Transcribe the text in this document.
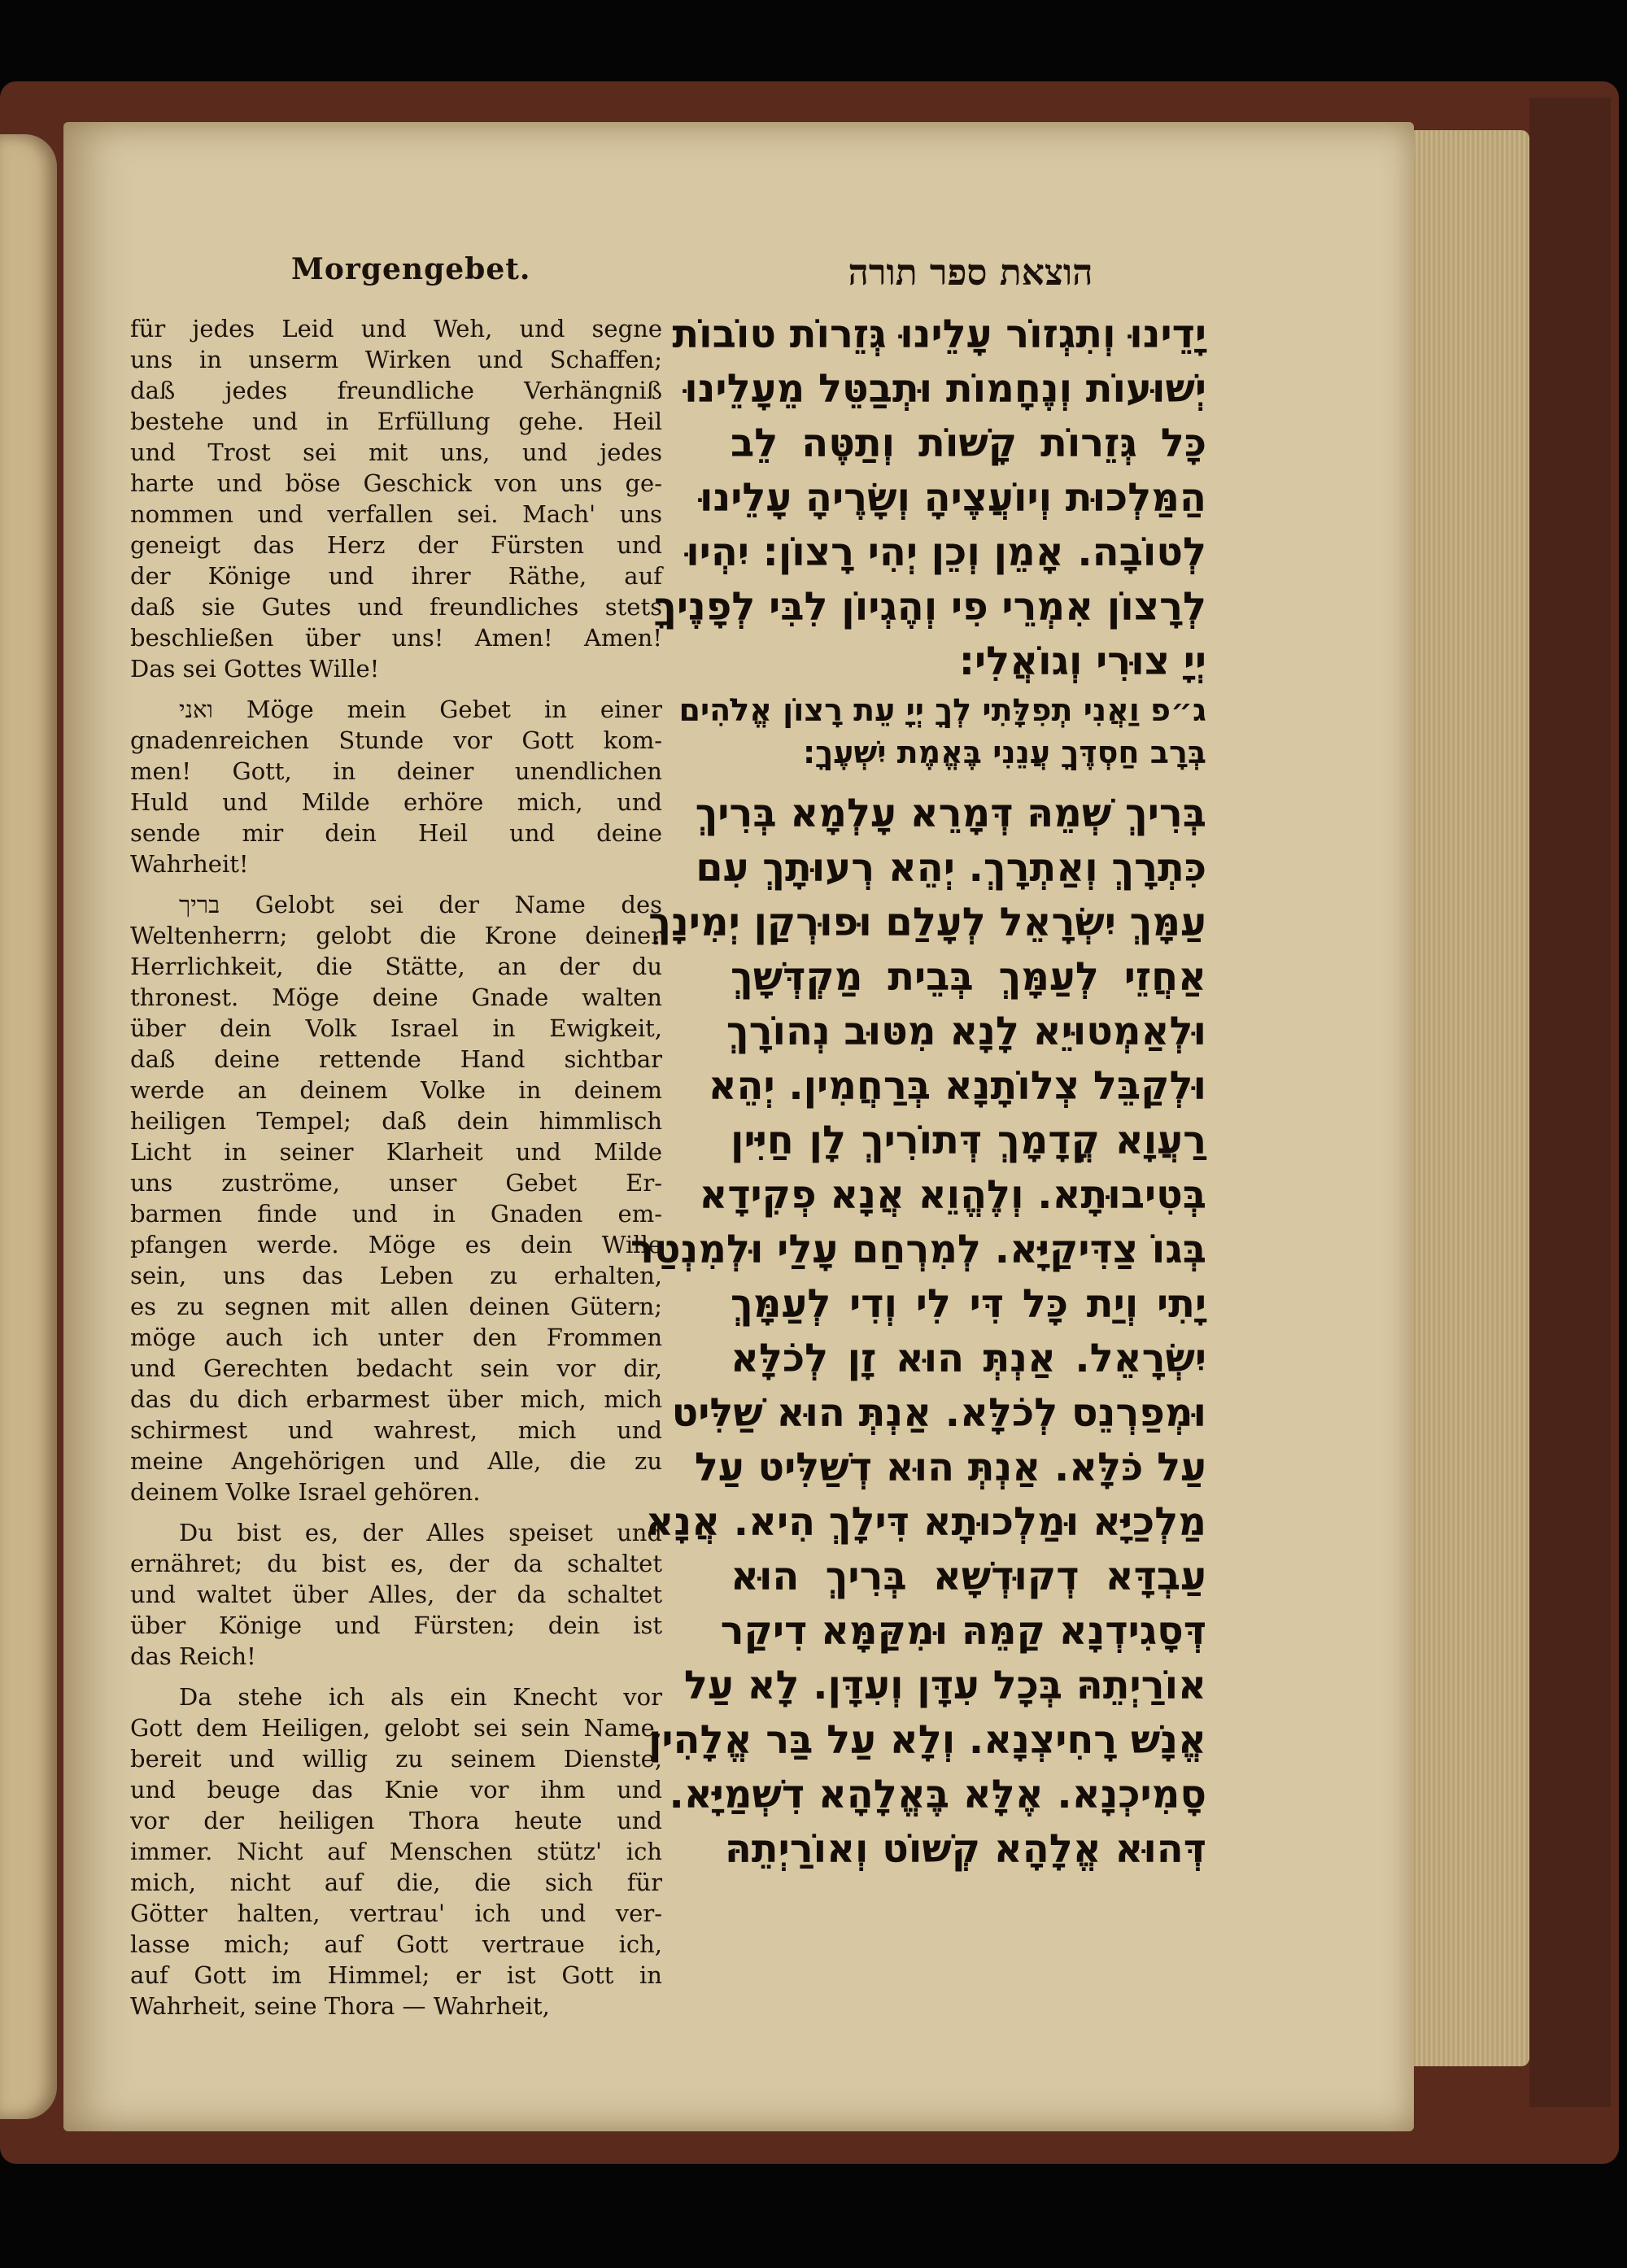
Morgengebet.	הוצאת ספר תורה
für jedes Leid und Weh, und segne
uns in unserm Wirken und Schaffen;
daß jedes freundliche Verhängniß
bestehe und in Erfüllung gehe. Heil
und Trost sei mit uns, und jedes
harte und böse Geschick von uns ge-
nommen und verfallen sei. Mach' uns
geneigt das Herz der Fürsten und
der Könige und ihrer Räthe, auf
daß sie Gutes und freundliches stets
beschließen über uns! Amen! Amen!
Das sei Gottes Wille!
ואני Möge mein Gebet in einer
gnadenreichen Stunde vor Gott kom-
men! Gott, in deiner unendlichen
Huld und Milde erhöre mich, und
sende mir dein Heil und deine
Wahrheit!
בריך Gelobt sei der Name des
Weltenherrn; gelobt die Krone deiner
Herrlichkeit, die Stätte, an der du
thronest. Möge deine Gnade walten
über dein Volk Israel in Ewigkeit,
daß deine rettende Hand sichtbar
werde an deinem Volke in deinem
heiligen Tempel; daß dein himmlisch
Licht in seiner Klarheit und Milde
uns zuströme, unser Gebet Er-
barmen finde und in Gnaden em-
pfangen werde. Möge es dein Wille
sein, uns das Leben zu erhalten,
es zu segnen mit allen deinen Gütern;
möge auch ich unter den Frommen
und Gerechten bedacht sein vor dir,
das du dich erbarmest über mich, mich
schirmest und wahrest, mich und
meine Angehörigen und Alle, die zu
deinem Volke Israel gehören.
Du bist es, der Alles speiset und
ernähret; du bist es, der da schaltet
und waltet über Alles, der da schaltet
über Könige und Fürsten; dein ist
das Reich!
Da stehe ich als ein Knecht vor
Gott dem Heiligen, gelobt sei sein Name,
bereit und willig zu seinem Dienste,
und beuge das Knie vor ihm und
vor der heiligen Thora heute und
immer. Nicht auf Menschen stütz' ich
mich, nicht auf die, die sich für
Götter halten, vertrau' ich und ver-
lasse mich; auf Gott vertraue ich,
auf Gott im Himmel; er ist Gott in
Wahrheit, seine Thora — Wahrheit,
יָדֵינוּ וְתִגְזוֹר עָלֵינוּ גְּזֵרוֹת טוֹבוֹת
יְשׁוּעוֹת וְנֶחָמוֹת וּתְבַטֵּל מֵעָלֵינוּ
כָּל גְּזֵרוֹת קָשׁוֹת וְתַטֶּה לֵב
הַמַּלְכוּת וְיוֹעֲצֶיהָ וְשָׂרֶיהָ עָלֵינוּ
לְטוֹבָה. אָמֵן וְכֵן יְהִי רָצוֹן: יִהְיוּ
לְרָצוֹן אִמְרֵי פִי וְהֶגְיוֹן לִבִּי לְפָנֶיךָ
יְיָ צוּרִי וְגוֹאֲלִי:
ג״פ וַאֲנִי תְפִלָּתִי לְךָ יְיָ עֵת רָצוֹן אֱלֹהִים
בְּרָב חַסְדֶּךָ עֲנֵנִי בֶּאֱמֶת יִשְׁעֶךָ:
בְּרִיךְ שְׁמֵהּ דְּמָרֵא עָלְמָא בְּרִיךְ
כִּתְרָךְ וְאַתְרָךְ. יְהֵא רְעוּתָךְ עִם
עַמָּךְ יִשְׂרָאֵל לְעָלַם וּפוּרְקַן יְמִינָךְ
אַחֲזֵי לְעַמָּךְ בְּבֵית מַקְדְּשָׁךְ
וּלְאַמְטוּיֵא לָנָא מִטּוּב נְהוֹרָךְ
וּלְקַבֵּל צְלוֹתָנָא בְּרַחֲמִין. יְהֵא
רַעֲוָא קֳדָמָךְ דְּתוֹרִיךְ לָן חַיִּין
בְּטִיבוּתָא. וְלֶהֱוֵא אֲנָא פְקִידָא
בְּגוֹ צַדִּיקַיָּא. לְמִרְחַם עָלַי וּלְמִנְטַר
יָתִי וְיַת כָּל דִּי לִי וְדִי לְעַמָּךְ
יִשְׂרָאֵל. אַנְתְּ הוּא זָן לְכֹלָּא
וּמְפַרְנֵס לְכֹלָּא. אַנְתְּ הוּא שַׁלִּיט
עַל כֹּלָּא. אַנְתְּ הוּא דְשַׁלִּיט עַל
מַלְכַיָּא וּמַלְכוּתָא דִּילָךְ הִיא. אֲנָא
עַבְדָּא דְקוּדְשָׁא בְּרִיךְ הוּא
דְּסָגִידְנָא קַמֵּהּ וּמִקַּמָּא דִיקַר
אוֹרַיְתֵהּ בְּכָל עִדָּן וְעִדָּן. לָא עַל
אֱנָשׁ רָחִיצְנָא. וְלָא עַל בַּר אֱלָהִין
סָמִיכְנָא. אֶלָּא בֶּאֱלָהָא דִשְׁמַיָּא.
דְּהוּא אֱלָהָא קְשׁוֹט וְאוֹרַיְתֵהּ
